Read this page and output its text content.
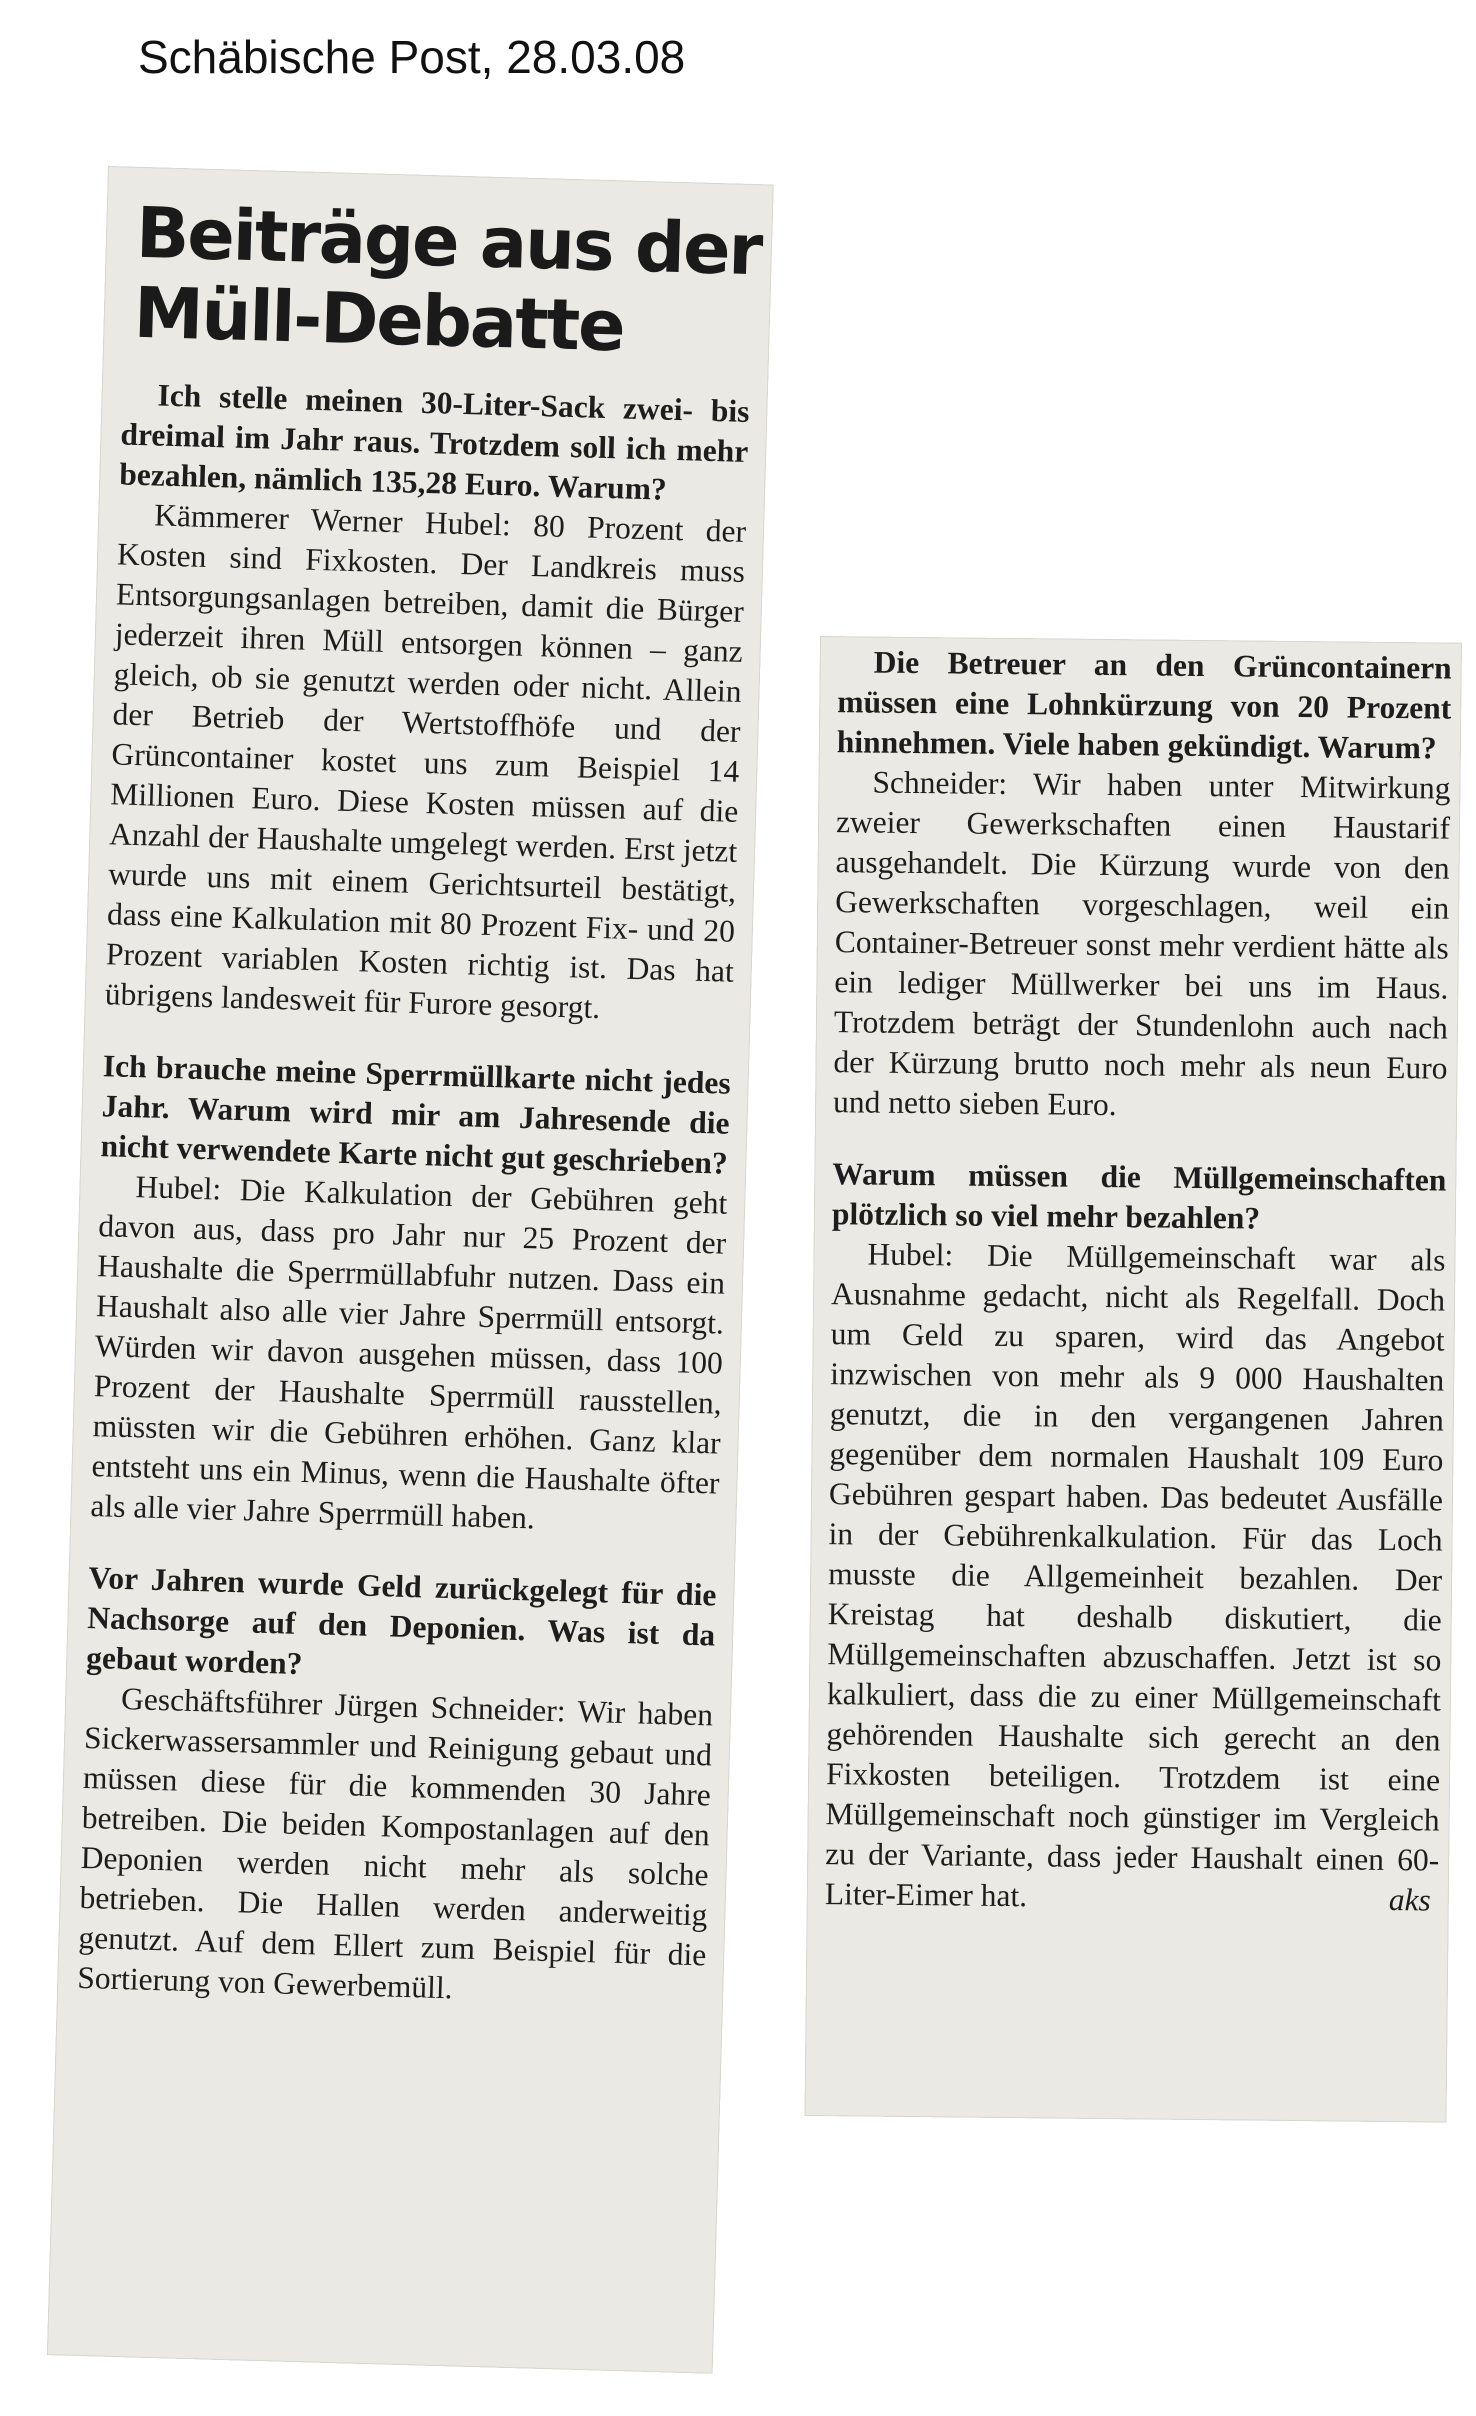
Schäbische Post, 28.03.08
Beiträge aus der Müll-Debatte

Ich stelle meinen 30-Liter-Sack zwei- bis dreimal im Jahr raus. Trotzdem soll ich mehr bezahlen, nämlich 135,28 Euro. Warum?

Kämmerer Werner Hubel: 80 Prozent der Kosten sind Fixkosten. Der Landkreis muss Entsorgungsanlagen betreiben, damit die Bürger jederzeit ihren Müll entsorgen können – ganz gleich, ob sie genutzt werden oder nicht. Allein der Betrieb der Wertstoffhöfe und der Grüncontainer kostet uns zum Beispiel 14 Millionen Euro. Diese Kosten müssen auf die Anzahl der Haushalte umgelegt werden. Erst jetzt wurde uns mit einem Gerichtsurteil bestätigt, dass eine Kalkulation mit 80 Prozent Fix- und 20 Prozent variablen Kosten richtig ist. Das hat übrigens landesweit für Furore gesorgt.

Ich brauche meine Sperrmüllkarte nicht jedes Jahr. Warum wird mir am Jahresende die nicht verwendete Karte nicht gut geschrieben?

Hubel: Die Kalkulation der Gebühren geht davon aus, dass pro Jahr nur 25 Prozent der Haushalte die Sperrmüllabfuhr nutzen. Dass ein Haushalt also alle vier Jahre Sperrmüll entsorgt. Würden wir davon ausgehen müssen, dass 100 Prozent der Haushalte Sperrmüll rausstellen, müssten wir die Gebühren erhöhen. Ganz klar entsteht uns ein Minus, wenn die Haushalte öfter als alle vier Jahre Sperrmüll haben.

Vor Jahren wurde Geld zurückgelegt für die Nachsorge auf den Deponien. Was ist da gebaut worden?

Geschäftsführer Jürgen Schneider: Wir haben Sickerwassersammler und Reinigung gebaut und müssen diese für die kommenden 30 Jahre betreiben. Die beiden Kompostanlagen auf den Deponien werden nicht mehr als solche betrieben. Die Hallen werden anderweitig genutzt. Auf dem Ellert zum Beispiel für die Sortierung von Gewerbemüll.

Die Betreuer an den Grüncontainern müssen eine Lohnkürzung von 20 Prozent hinnehmen. Viele haben gekündigt. Warum?

Schneider: Wir haben unter Mitwirkung zweier Gewerkschaften einen Haustarif ausgehandelt. Die Kürzung wurde von den Gewerkschaften vorgeschlagen, weil ein Container-Betreuer sonst mehr verdient hätte als ein lediger Müllwerker bei uns im Haus. Trotzdem beträgt der Stundenlohn auch nach der Kürzung brutto noch mehr als neun Euro und netto sieben Euro.

Warum müssen die Müllgemeinschaften plötzlich so viel mehr bezahlen?

Hubel: Die Müllgemeinschaft war als Ausnahme gedacht, nicht als Regelfall. Doch um Geld zu sparen, wird das Angebot inzwischen von mehr als 9 000 Haushalten genutzt, die in den vergangenen Jahren gegenüber dem normalen Haushalt 109 Euro Gebühren gespart haben. Das bedeutet Ausfälle in der Gebührenkalkulation. Für das Loch musste die Allgemeinheit bezahlen. Der Kreistag hat deshalb diskutiert, die Müllgemeinschaften abzuschaffen. Jetzt ist so kalkuliert, dass die zu einer Müllgemeinschaft gehörenden Haushalte sich gerecht an den Fixkosten beteiligen. Trotzdem ist eine Müllgemeinschaft noch günstiger im Vergleich zu der Variante, dass jeder Haushalt einen 60-Liter-Eimer hat.	aks
